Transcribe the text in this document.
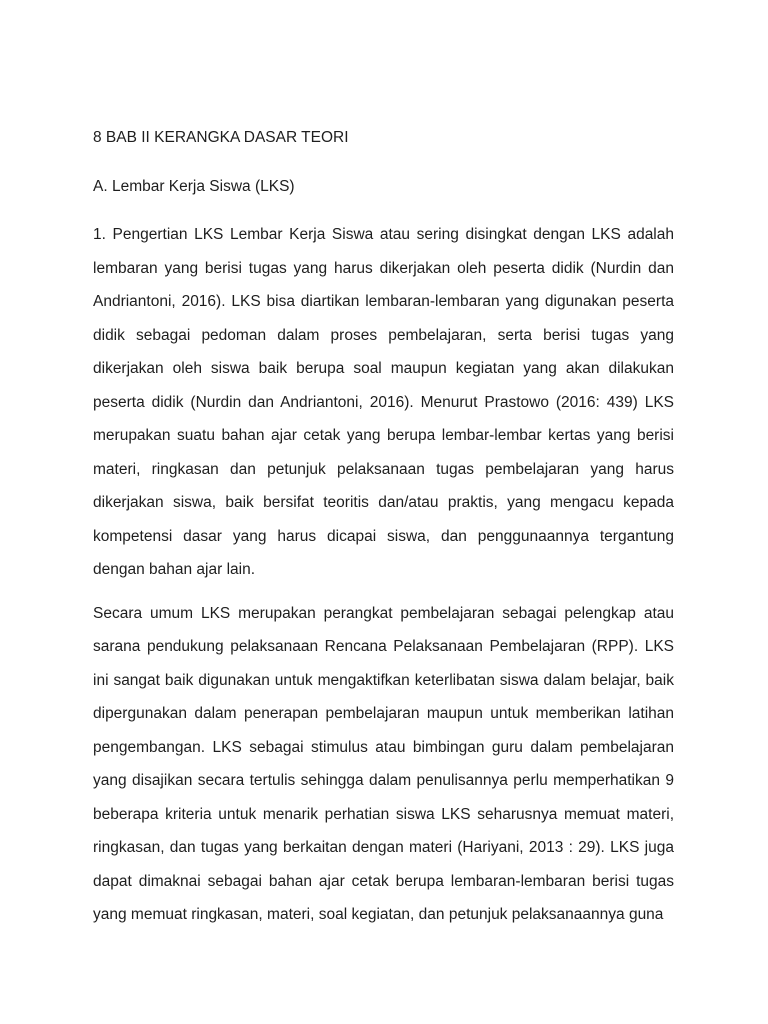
8 BAB II KERANGKA DASAR TEORI

A. Lembar Kerja Siswa (LKS)

1. Pengertian LKS Lembar Kerja Siswa atau sering disingkat dengan LKS adalah lembaran yang berisi tugas yang harus dikerjakan oleh peserta didik (Nurdin dan Andriantoni, 2016). LKS bisa diartikan lembaran-lembaran yang digunakan peserta didik sebagai pedoman dalam proses pembelajaran, serta berisi tugas yang dikerjakan oleh siswa baik berupa soal maupun kegiatan yang akan dilakukan peserta didik (Nurdin dan Andriantoni, 2016). Menurut Prastowo (2016: 439) LKS merupakan suatu bahan ajar cetak yang berupa lembar-lembar kertas yang berisi materi, ringkasan dan petunjuk pelaksanaan tugas pembelajaran yang harus dikerjakan siswa, baik bersifat teoritis dan/atau praktis, yang mengacu kepada kompetensi dasar yang harus dicapai siswa, dan penggunaannya tergantung dengan bahan ajar lain.

Secara umum LKS merupakan perangkat pembelajaran sebagai pelengkap atau sarana pendukung pelaksanaan Rencana Pelaksanaan Pembelajaran (RPP). LKS ini sangat baik digunakan untuk mengaktifkan keterlibatan siswa dalam belajar, baik dipergunakan dalam penerapan pembelajaran maupun untuk memberikan latihan pengembangan. LKS sebagai stimulus atau bimbingan guru dalam pembelajaran yang disajikan secara tertulis sehingga dalam penulisannya perlu memperhatikan 9 beberapa kriteria untuk menarik perhatian siswa LKS seharusnya memuat materi, ringkasan, dan tugas yang berkaitan dengan materi (Hariyani, 2013 : 29). LKS juga dapat dimaknai sebagai bahan ajar cetak berupa lembaran-lembaran berisi tugas yang memuat ringkasan, materi, soal kegiatan, dan petunjuk pelaksanaannya guna
